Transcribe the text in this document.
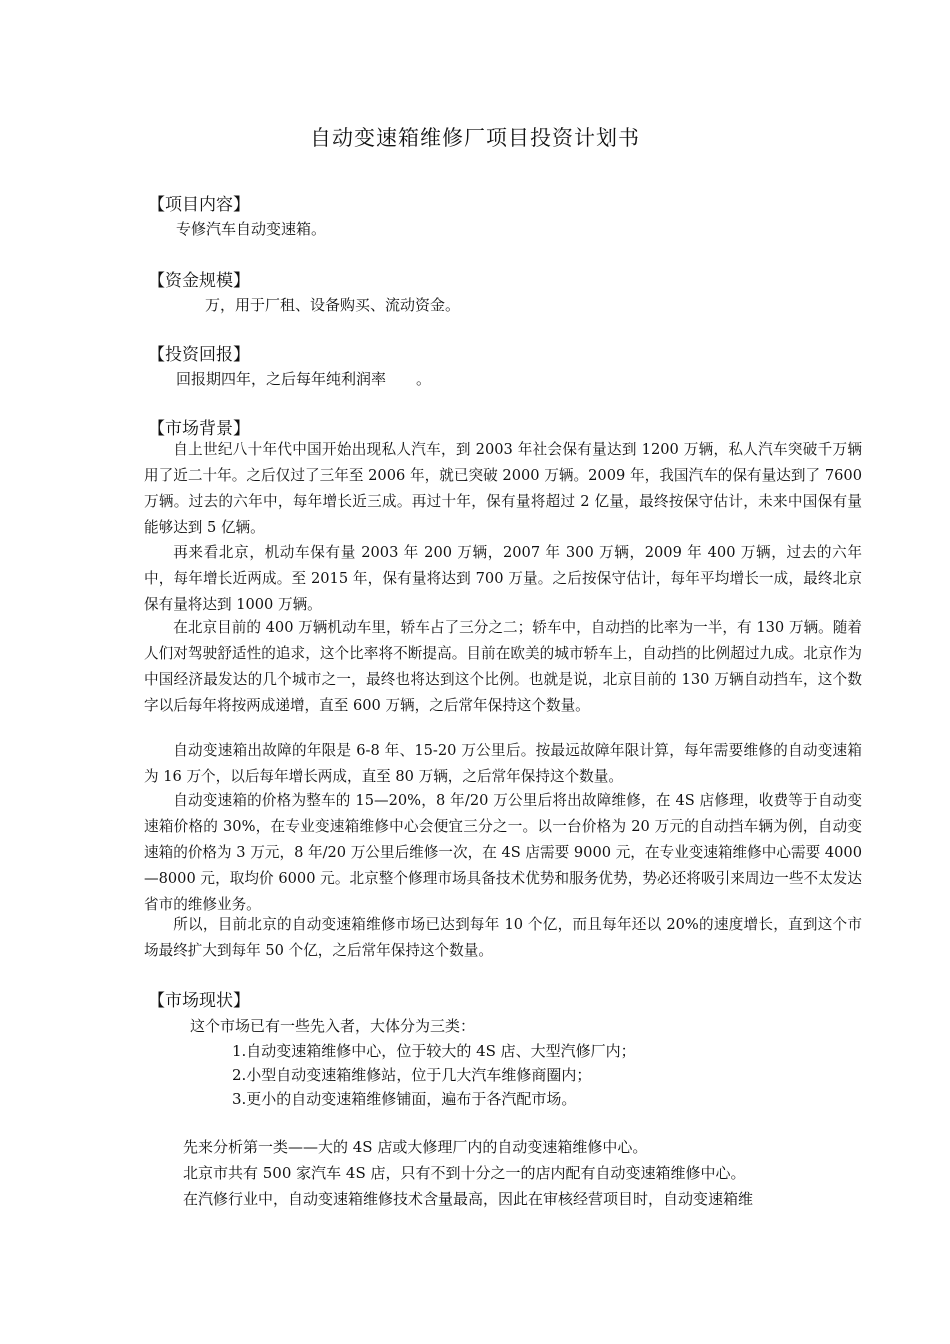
自动变速箱维修厂项目投资计划书
【项目内容】
专修汽车自动变速箱。
【资金规模】
万，用于厂租、设备购买、流动资金。
【投资回报】
回报期四年，之后每年纯利润率　　。
【市场背景】
自上世纪八十年代中国开始出现私人汽车，到 2003 年社会保有量达到 1200 万辆，私人汽车突破千万辆用了近二十年。之后仅过了三年至 2006 年，就已突破 2000 万辆。2009 年，我国汽车的保有量达到了 7600 万辆。过去的六年中，每年增长近三成。再过十年，保有量将超过 2 亿量，最终按保守估计，未来中国保有量能够达到 5 亿辆。
再来看北京，机动车保有量 2003 年 200 万辆，2007 年 300 万辆，2009 年 400 万辆，过去的六年中，每年增长近两成。至 2015 年，保有量将达到 700 万量。之后按保守估计，每年平均增长一成，最终北京保有量将达到 1000 万辆。
在北京目前的 400 万辆机动车里，轿车占了三分之二；轿车中，自动挡的比率为一半，有 130 万辆。随着人们对驾驶舒适性的追求，这个比率将不断提高。目前在欧美的城市轿车上，自动挡的比例超过九成。北京作为中国经济最发达的几个城市之一，最终也将达到这个比例。也就是说，北京目前的 130 万辆自动挡车，这个数字以后每年将按两成递增，直至 600 万辆，之后常年保持这个数量。
自动变速箱出故障的年限是 6-8 年、15-20 万公里后。按最远故障年限计算，每年需要维修的自动变速箱为 16 万个，以后每年增长两成，直至 80 万辆，之后常年保持这个数量。
自动变速箱的价格为整车的 15—20%，8 年/20 万公里后将出故障维修，在 4S 店修理，收费等于自动变速箱价格的 30%，在专业变速箱维修中心会便宜三分之一。以一台价格为 20 万元的自动挡车辆为例，自动变速箱的价格为 3 万元，8 年/20 万公里后维修一次，在 4S 店需要 9000 元，在专业变速箱维修中心需要 4000—8000 元，取均价 6000 元。北京整个修理市场具备技术优势和服务优势，势必还将吸引来周边一些不太发达省市的维修业务。
所以，目前北京的自动变速箱维修市场已达到每年 10 个亿，而且每年还以 20%的速度增长，直到这个市场最终扩大到每年 50 个亿，之后常年保持这个数量。
【市场现状】
这个市场已有一些先入者，大体分为三类：
1.自动变速箱维修中心，位于较大的 4S 店、大型汽修厂内；
2.小型自动变速箱维修站，位于几大汽车维修商圈内；
3.更小的自动变速箱维修铺面，遍布于各汽配市场。
先来分析第一类——大的 4S 店或大修理厂内的自动变速箱维修中心。
北京市共有 500 家汽车 4S 店，只有不到十分之一的店内配有自动变速箱维修中心。
在汽修行业中，自动变速箱维修技术含量最高，因此在审核经营项目时，自动变速箱维
